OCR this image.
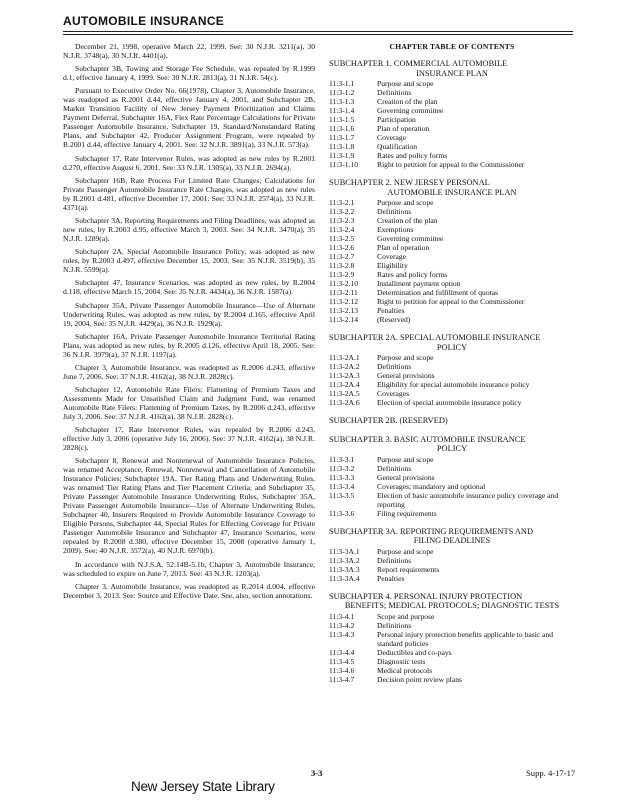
AUTOMOBILE INSURANCE

December 21, 1998, operative March 22, 1999. See: 30 N.J.R. 3211(a), 30 N.J.R. 3748(a), 30 N.J.R. 4401(a).

Subchapter 3B, Towing and Storage Fee Schedule, was repealed by R.1999 d.1, effective January 4, 1999. See: 30 N.J.R. 2813(a), 31 N.J.R. 54(c).

Pursuant to Executive Order No. 66(1978), Chapter 3, Automobile Insurance, was readopted as R.2001 d.44, effective January 4, 2001, and Subchapter 2B, Market Transition Facility of New Jersey Payment Prioritization and Claims Payment Deferral, Subchapter 16A, Flex Rate Percentage Calculations for Private Passenger Automobile Insurance, Subchapter 19, Standard/Nonstandard Rating Plans, and Subchapter 42, Producer Assignment Program, were repealed by R.2001 d.44, effective January 4, 2001. See: 32 N.J.R. 3891(a), 33 N.J.R. 573(a).

Subchapter 17, Rate Intervenor Rules, was adopted as new rules by R.2001 d.270, effective August 6, 2001. See: 33 N.J.R. 1305(a), 33 N.J.R. 2694(a).

Subchapter 16B, Rate Process For Limited Rate Changes; Calculations for Private Passenger Automobile Insurance Rate Changes, was adopted as new rules by R.2001 d.481, effective December 17, 2001. See: 33 N.J.R. 2574(a), 33 N.J.R. 4371(a).

Subchapter 3A, Reporting Requirements and Filing Deadlines, was adopted as new rules, by R.2003 d.95, effective March 3, 2003. See: 34 N.J.R. 3470(a), 35 N.J.R. 1289(a).

Subchapter 2A, Special Automobile Insurance Policy, was adopted as new rules, by R.2003 d.497, effective December 15, 2003. See: 35 N.J.R. 3519(b), 35 N.J.R. 5599(a).

Subchapter 47, Insurance Scenarios, was adopted as new rules, by R.2004 d.118, effective March 15, 2004. See: 35 N.J.R. 4434(a), 36 N.J.R. 1587(a).

Subchapter 35A, Private Passenger Automobile Insurance—Use of Alternate Underwriting Rules, was adopted as new rules, by R.2004 d.165, effective April 19, 2004. See: 35 N.J.R. 4429(a), 36 N.J.R. 1929(a).

Subchapter 16A, Private Passenger Automobile Insurance Territorial Rating Plans, was adopted as new rules, by R.2005 d.126, effective April 18, 2005. See: 36 N.J.R. 3979(a), 37 N.J.R. 1197(a).

Chapter 3, Automobile Insurance, was readopted as R.2006 d.243, effective June 7, 2006. See: 37 N.J.R. 4162(a), 38 N.J.R. 2828(c).

Subchapter 12, Automobile Rate Filers: Flattening of Premium Taxes and Assessments Made for Unsatisfied Claim and Judgment Fund, was renamed Automobile Rate Filers: Flattening of Premium Taxes, by R.2006 d.243, effective July 3, 2006. See: 37 N.J.R. 4162(a), 38 N.J.R. 2828(c).

Subchapter 17, Rate Intervenor Rules, was repealed by R.2006 d.243, effective July 3, 2006 (operative July 16, 2006). See: 37 N.J.R. 4162(a), 38 N.J.R. 2828(c).

Subchapter 8, Renewal and Nonrenewal of Automobile Insurance Policies, was renamed Acceptance, Renewal, Nonrenewal and Cancellation of Automobile Insurance Policies; Subchapter 19A, Tier Rating Plans and Underwriting Rules, was renamed Tier Rating Plans and Tier Placement Criteria; and Subchapter 35, Private Passenger Automobile Insurance Underwriting Rules, Subchapter 35A, Private Passenger Automobile Insurance—Use of Alternate Underwriting Rules, Subchapter 40, Insurers Required to Provide Automobile Insurance Coverage to Eligible Persons, Subchapter 44, Special Rules for Effecting Coverage for Private Passenger Automobile Insurance and Subchapter 47, Insurance Scenarios, were repealed by R.2008 d.380, effective December 15, 2008 (operative January 1, 2009). See: 40 N.J.R. 3572(a), 40 N.J.R. 6970(b).

In accordance with N.J.S.A. 52:14B-5.1b, Chapter 3, Automobile Insurance, was scheduled to expire on June 7, 2013. See: 43 N.J.R. 1203(a).

Chapter 3, Automobile Insurance, was readopted as R.2014 d.004, effective December 3, 2013. See: Source and Effective Date. See, also, section annotations.

CHAPTER TABLE OF CONTENTS
SUBCHAPTER 1. COMMERCIAL AUTOMOBILE
INSURANCE PLAN
11:3-1.1	Purpose and scope
11:3-1.2	Definitions
11:3-1.3	Creation of the plan
11:3-1.4	Governing committee
11:3-1.5	Participation
11:3-1.6	Plan of operation
11:3-1.7	Coverage
11:3-1.8	Qualification
11:3-1.9	Rates and policy forms
11:3-1.10	Right to petition for appeal to the Commissioner
SUBCHAPTER 2. NEW JERSEY PERSONAL
AUTOMOBILE INSURANCE PLAN
11:3-2.1	Purpose and scope
11:3-2.2	Definitions
11:3-2.3	Creation of the plan
11:3-2.4	Exemptions
11:3-2.5	Governing committee
11:3-2.6	Plan of operation
11:3-2.7	Coverage
11:3-2.8	Eligibility
11:3-2.9	Rates and policy forms
11:3-2.10	Installment payment option
11:3-2.11	Determination and fulfillment of quotas
11:3-2.12	Right to petition for appeal to the Commissioner
11:3-2.13	Penalties
11:3-2.14	(Reserved)
SUBCHAPTER 2A. SPECIAL AUTOMOBILE INSURANCE
POLICY
11:3-2A.1	Purpose and scope
11:3-2A.2	Definitions
11:3-2A.3	General provisions
11:3-2A.4	Eligibility for special automobile insurance policy
11:3-2A.5	Coverages
11:3-2A.6	Election of special automobile insurance policy
SUBCHAPTER 2B. (RESERVED)
SUBCHAPTER 3. BASIC AUTOMOBILE INSURANCE
POLICY
11:3-3.1	Purpose and scope
11:3-3.2	Definitions
11:3-3.3	General provisions
11:3-3.4	Coverages; mandatory and optional
11:3-3.5	Election of basic automobile insurance policy coverage and reporting
11:3-3.6	Filing requirements
SUBCHAPTER 3A. REPORTING REQUIREMENTS AND
FILING DEADLINES
11:3-3A.1	Purpose and scope
11:3-3A.2	Definitions
11:3-3A.3	Report requirements
11:3-3A.4	Penalties
SUBCHAPTER 4. PERSONAL INJURY PROTECTION
BENEFITS; MEDICAL PROTOCOLS; DIAGNOSTIC TESTS
11:3-4.1	Scope and purpose
11:3-4.2	Definitions
11:3-4.3	Personal injury protection benefits applicable to basic and standard policies
11:3-4.4	Deductibles and co-pays
11:3-4.5	Diagnostic tests
11:3-4.6	Medical protocols
11:3-4.7	Decision point review plans
3-3	Supp. 4-17-17
New Jersey State Library
